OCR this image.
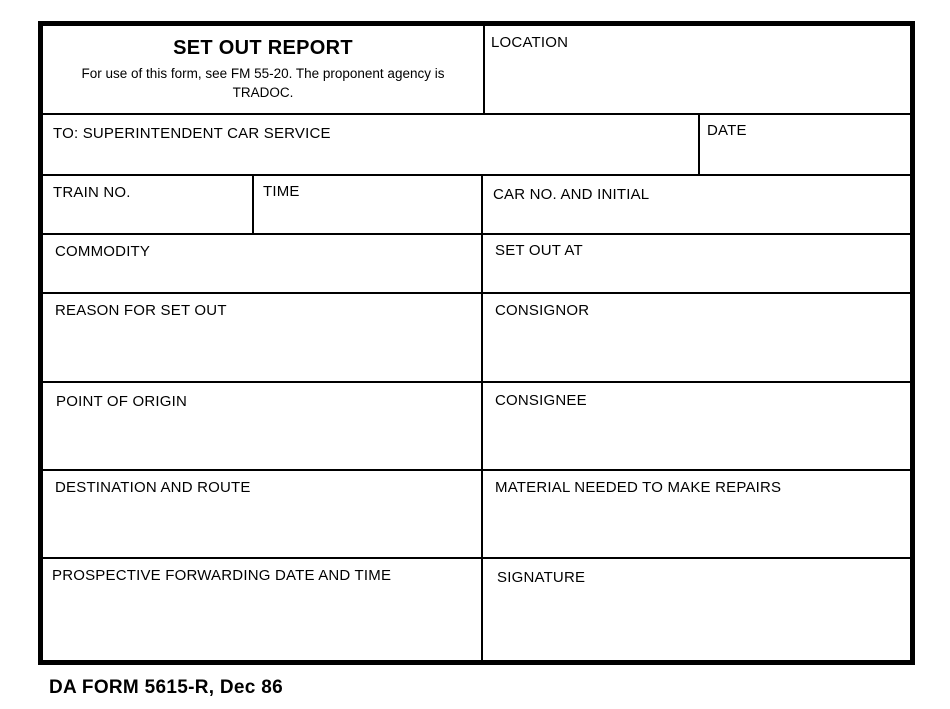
SET OUT REPORT
For use of this form, see FM 55-20. The proponent agency is TRADOC.
LOCATION
TO: SUPERINTENDENT CAR SERVICE	DATE
TRAIN NO.	TIME	CAR NO. AND INITIAL
COMMODITY	SET OUT AT
REASON FOR SET OUT	CONSIGNOR
POINT OF ORIGIN	CONSIGNEE
DESTINATION AND ROUTE	MATERIAL NEEDED TO MAKE REPAIRS
PROSPECTIVE FORWARDING DATE AND TIME	SIGNATURE
DA FORM 5615-R, Dec 86
